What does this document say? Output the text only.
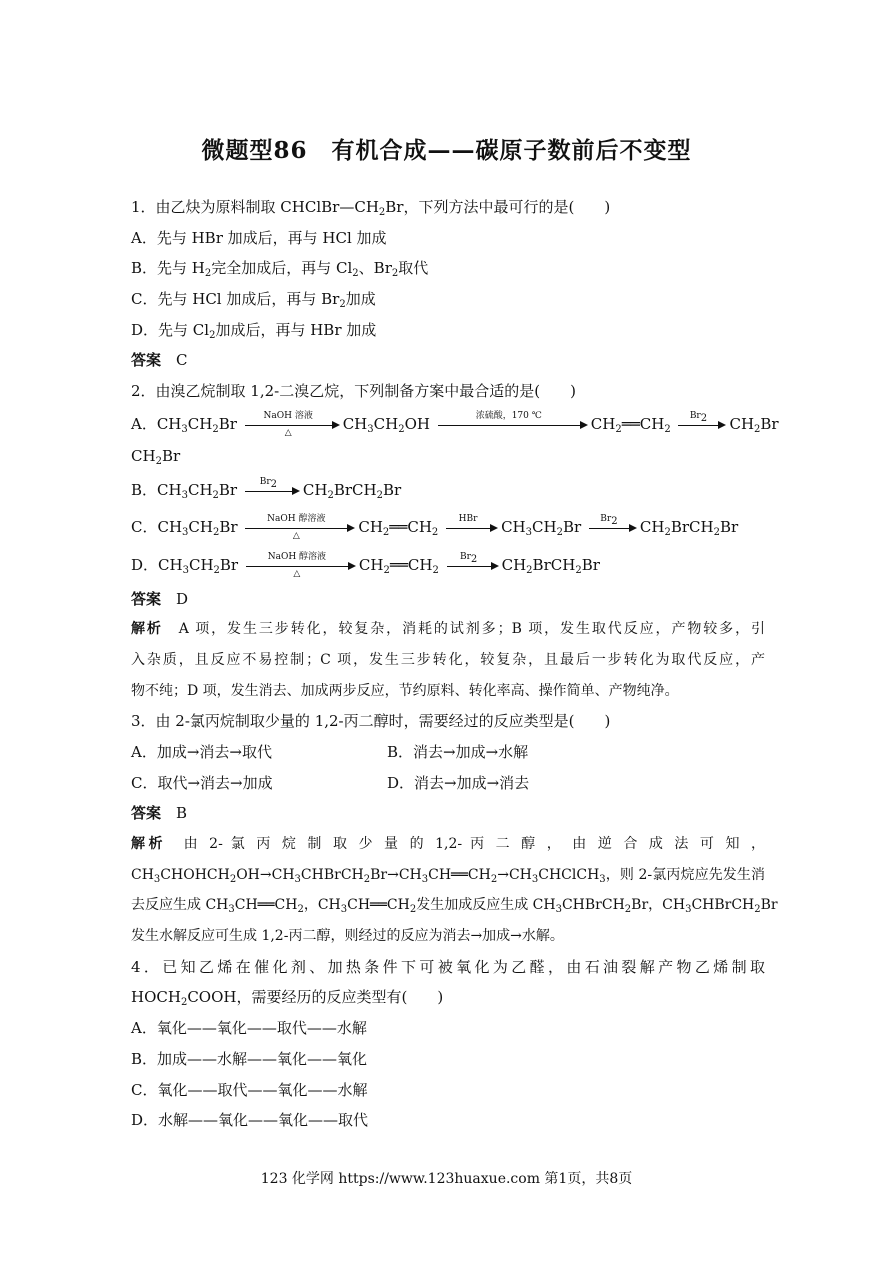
微题型86　有机合成——碳原子数前后不变型
1．由乙炔为原料制取 $CHClBr—CH_2Br$，下列方法中最可行的是(　　)
A．先与 HBr 加成后，再与 HCl 加成
B．先与 $H_2$完全加成后，再与 $Cl_2$、$Br_2$取代
C．先与 HCl 加成后，再与 $Br_2$加成
D．先与 $Cl_2$加成后，再与 HBr 加成
答案　 C
2．由溴乙烷制取 1,2-二溴乙烷，下列制备方案中最合适的是(　　)
A．$CH_3CH_2Br$	NaOH 溶液
△	$CH_3CH_2OH$	浓硫酸，170 ℃	$CH_2══CH_2$
$Br_2$	$CH_2Br$
$CH_2Br$
B．$CH_3CH_2Br$	$Br_2$	$CH_2BrCH_2Br$
C．$CH_3CH_2Br$	NaOH 醇溶液
△	$CH_2══CH_2$
HBr	$CH_3CH_2Br$	$Br_2$	$CH_2BrCH_2Br$
D．$CH_3CH_2Br$	NaOH 醇溶液
△	$CH_2══CH_2$
$Br_2$	$CH_2BrCH_2Br$
答案　 D
解析　 A 项，发生三步转化，较复杂，消耗的试剂多；B 项，发生取代反应，产物较多，引
入杂质，且反应不易控制；C 项，发生三步转化，较复杂，且最后一步转化为取代反应，产
物不纯；D 项，发生消去、加成两步反应，节约原料、转化率高、操作简单、产物纯净。
3．由 2-氯丙烷制取少量的 1,2-丙二醇时，需要经过的反应类型是(　　)
A．加成→消去→取代	B．消去→加成→水解
C．取代→消去→加成	D．消去→加成→消去
答案　 B
解析　 由 2- 氯 丙 烷 制 取 少 量 的 1,2- 丙 二 醇 ， 由 逆 合 成 法 可 知 ，
$CH_3CHOHCH_2OH\to CH_3CHBrCH_2Br\to CH_3CH══CH_2\to CH_3CHClCH_3$，则 2-氯丙烷应先发生消
去反应生成 $CH_3CH══CH_2$，$CH_3CH══CH_2$发生加成反应生成 $CH_3CHBrCH_2Br$，$CH_3CHBrCH_2Br$
发生水解反应可生成 1,2-丙二醇，则经过的反应为消去→加成→水解。
4．已知乙烯在催化剂、加热条件下可被氧化为乙醛，由石油裂解产物乙烯制取
$HOCH_2COOH$，需要经历的反应类型有(　　)
A．氧化——氧化——取代——水解
B．加成——水解——氧化——氧化
C．氧化——取代——氧化——水解
D．水解——氧化——氧化——取代
123 化学网 https://www.123huaxue.com 第1页，共8页
